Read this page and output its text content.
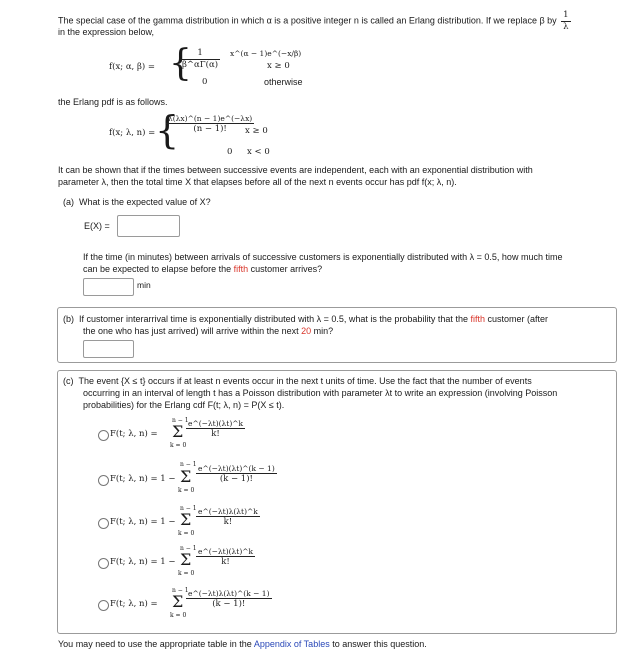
The special case of the gamma distribution in which α is a positive integer n is called an Erlang distribution. If we replace β by $\frac{1}{\lambda}$
in the expression below,
f(x; α, β) = {
$\frac{1}{\beta\^{}\alpha\Gamma(\alpha)}$ x^(α − 1)e^(−x/β)
x ≥ 0
0	otherwise
the Erlang pdf is as follows.
f(x; λ, n) = {
$\frac{\lambda(\lambda x)\^{}(n - 1)e\^{}(-\lambda x)}{(n - 1)!}$
x ≥ 0
0 x < 0
It can be shown that if the times between successive events are independent, each with an exponential distribution with
parameter λ, then the total time X that elapses before all of the next n events occur has pdf f(x; λ, n).
(a) What is the expected value of X?
E(X) =
If the time (in minutes) between arrivals of successive customers is exponentially distributed with λ = 0.5, how much time
can be expected to elapse before the fifth customer arrives?
min
(b) If customer interarrival time is exponentially distributed with λ = 0.5, what is the probability that the fifth customer (after
the one who has just arrived) will arrive within the next 20 min?
(c) The event {X ≤ t} occurs if at least n events occur in the next t units of time. Use the fact that the number of events
occurring in an interval of length t has a Poisson distribution with parameter λt to write an expression (involving Poisson
probabilities) for the Erlang cdf F(t; λ, n) = P(X ≤ t).
F(t; λ, n) =
n − 1
Σ
k = 0
$\frac{e\^{}(-\lambda t)(\lambda t)\^{}k}{k!}$
F(t; λ, n) = 1 −
n − 1
Σ
k = 0
$\frac{e\^{}(-\lambda t)(\lambda t)\^{}(k - 1)}{(k - 1)!}$
F(t; λ, n) = 1 −
n − 1
Σ
k = 0
$\frac{e\^{}(-\lambda t)\lambda(\lambda t)\^{}k}{k!}$
F(t; λ, n) = 1 −
n − 1
Σ
k = 0
$\frac{e\^{}(-\lambda t)(\lambda t)\^{}k}{k!}$
F(t; λ, n) =
n − 1
Σ
k = 0
$\frac{e\^{}(-\lambda t)\lambda(\lambda t)\^{}(k - 1)}{(k - 1)!}$
You may need to use the appropriate table in the Appendix of Tables to answer this question.
